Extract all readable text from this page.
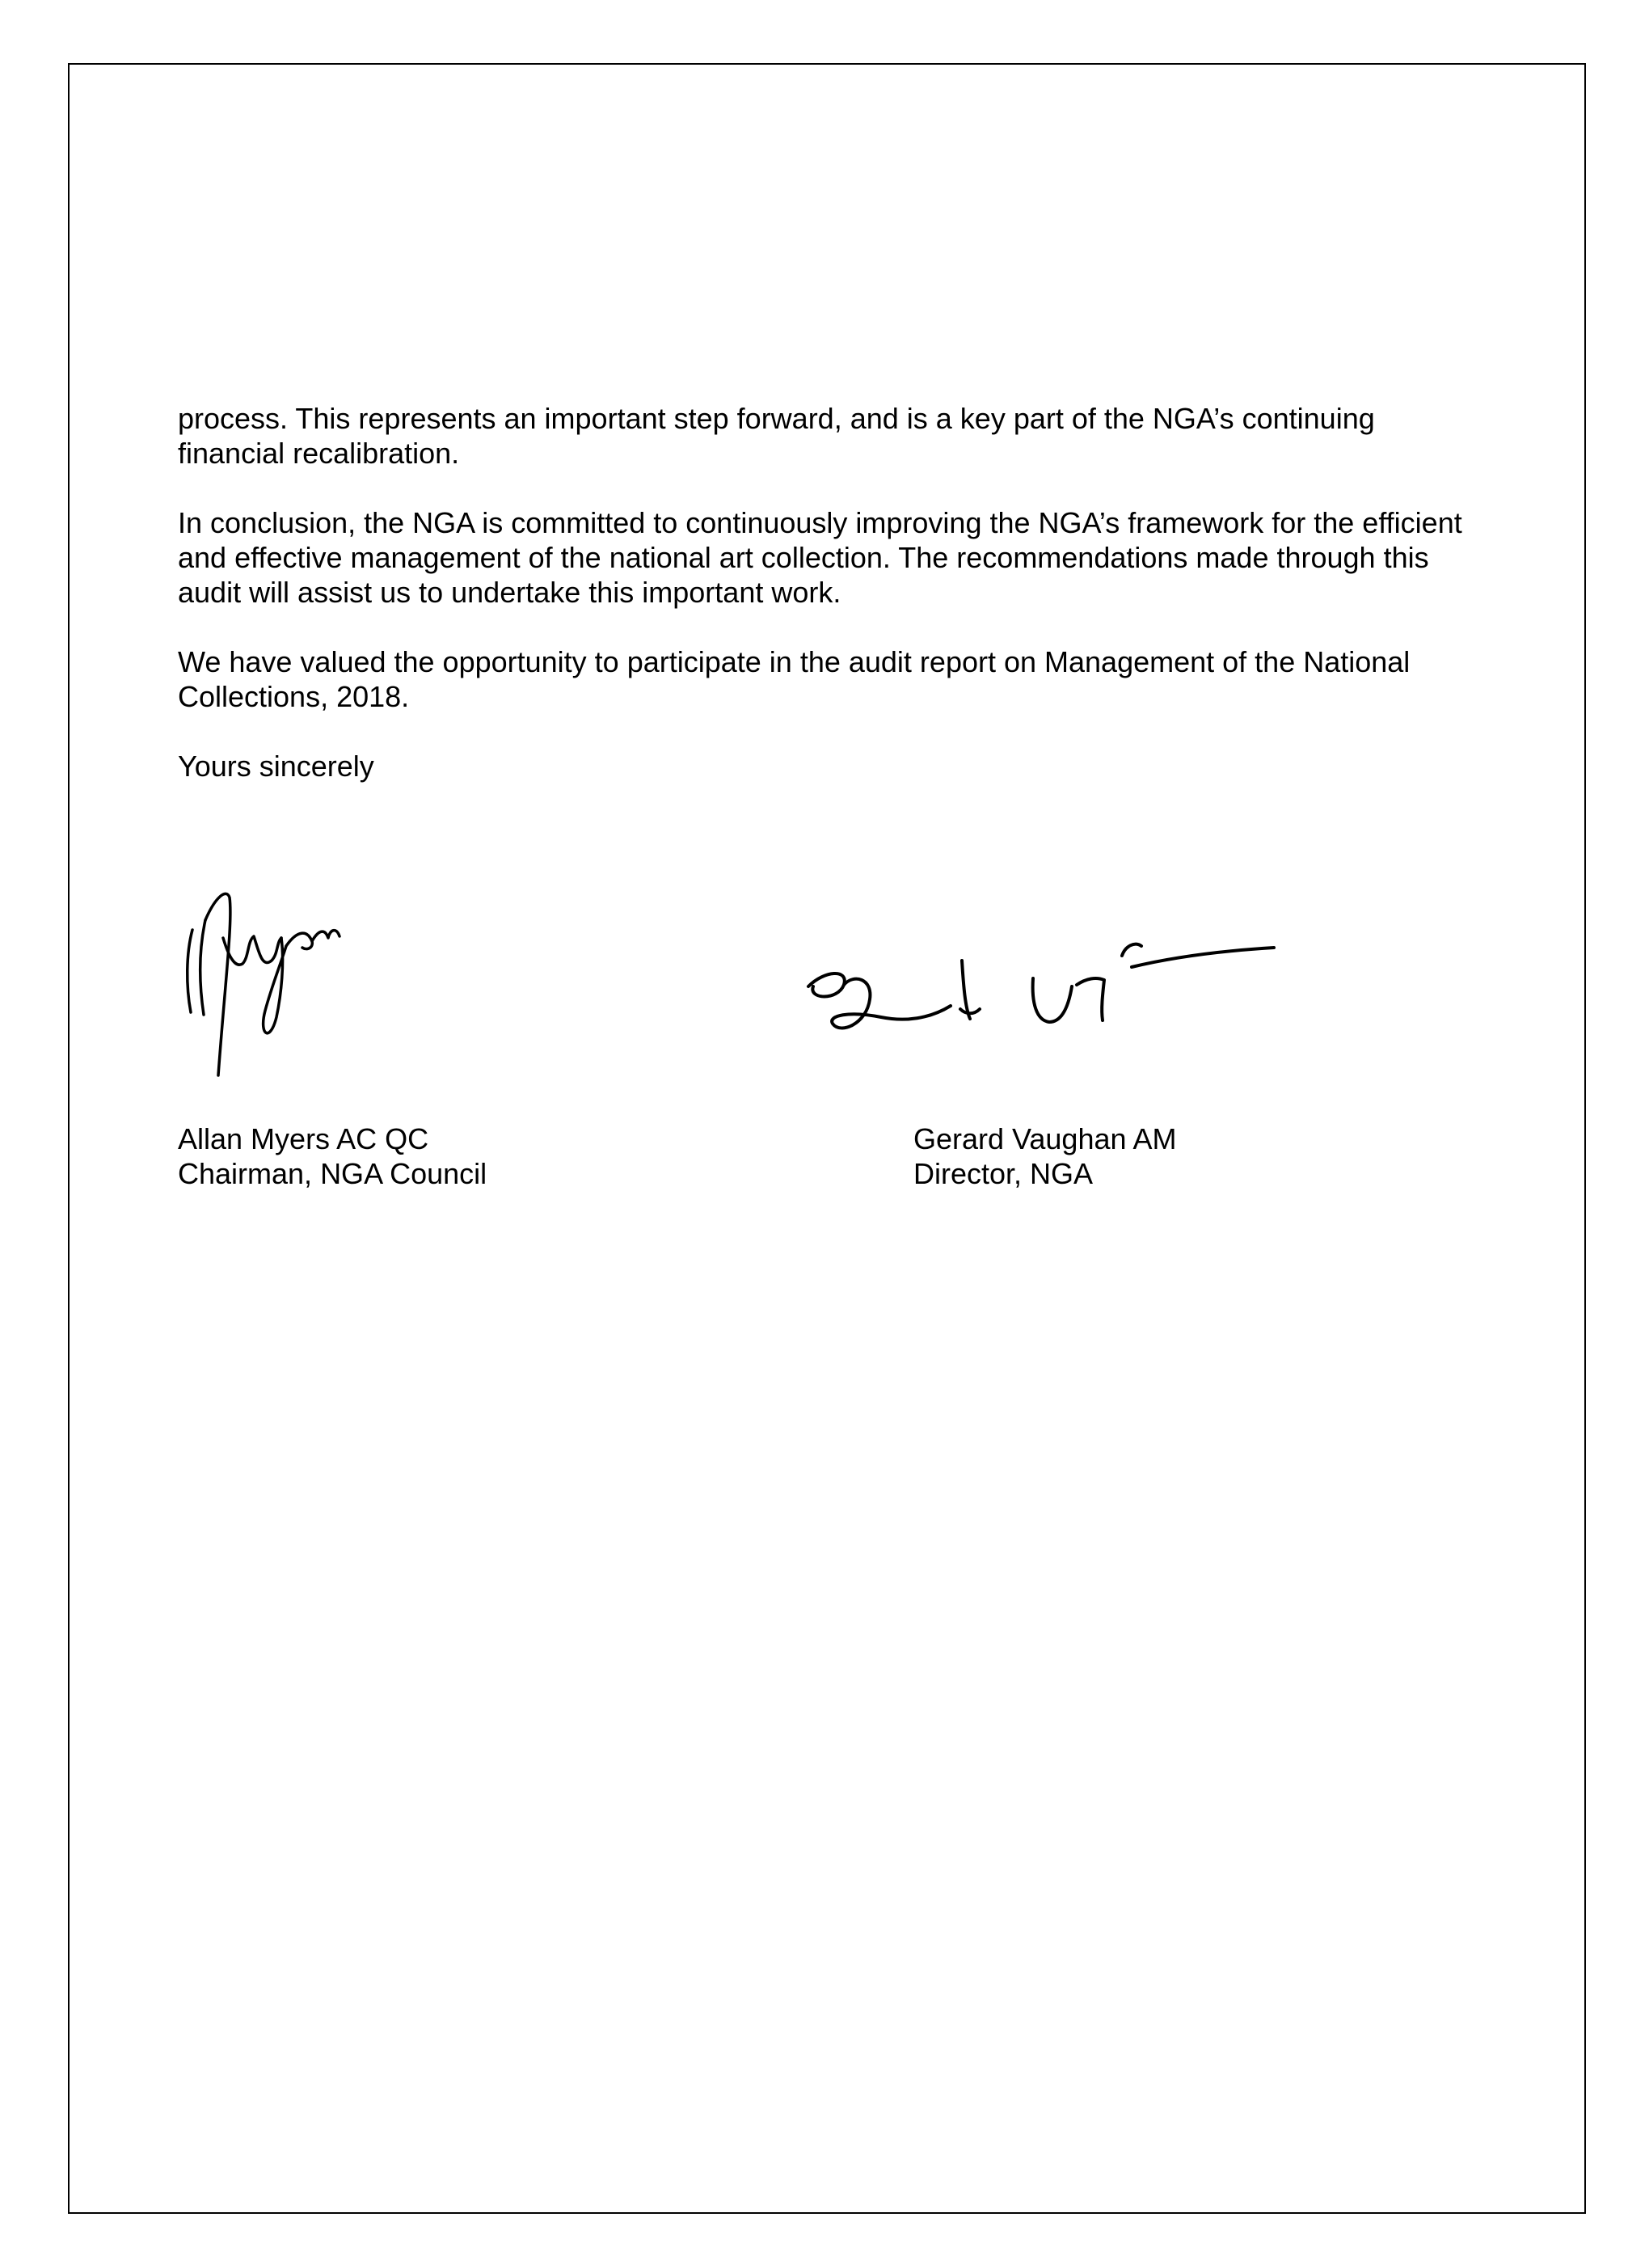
process. This represents an important step forward, and is a key part of the NGA’s continuing financial recalibration.

In conclusion, the NGA is committed to continuously improving the NGA’s framework for the efficient and effective management of the national art collection. The recommendations made through this audit will assist us to undertake this important work.

We have valued the opportunity to participate in the audit report on Management of the National Collections, 2018.

Yours sincerely

Allan Myers AC QC
Chairman, NGA Council
Gerard Vaughan AM
Director, NGA
